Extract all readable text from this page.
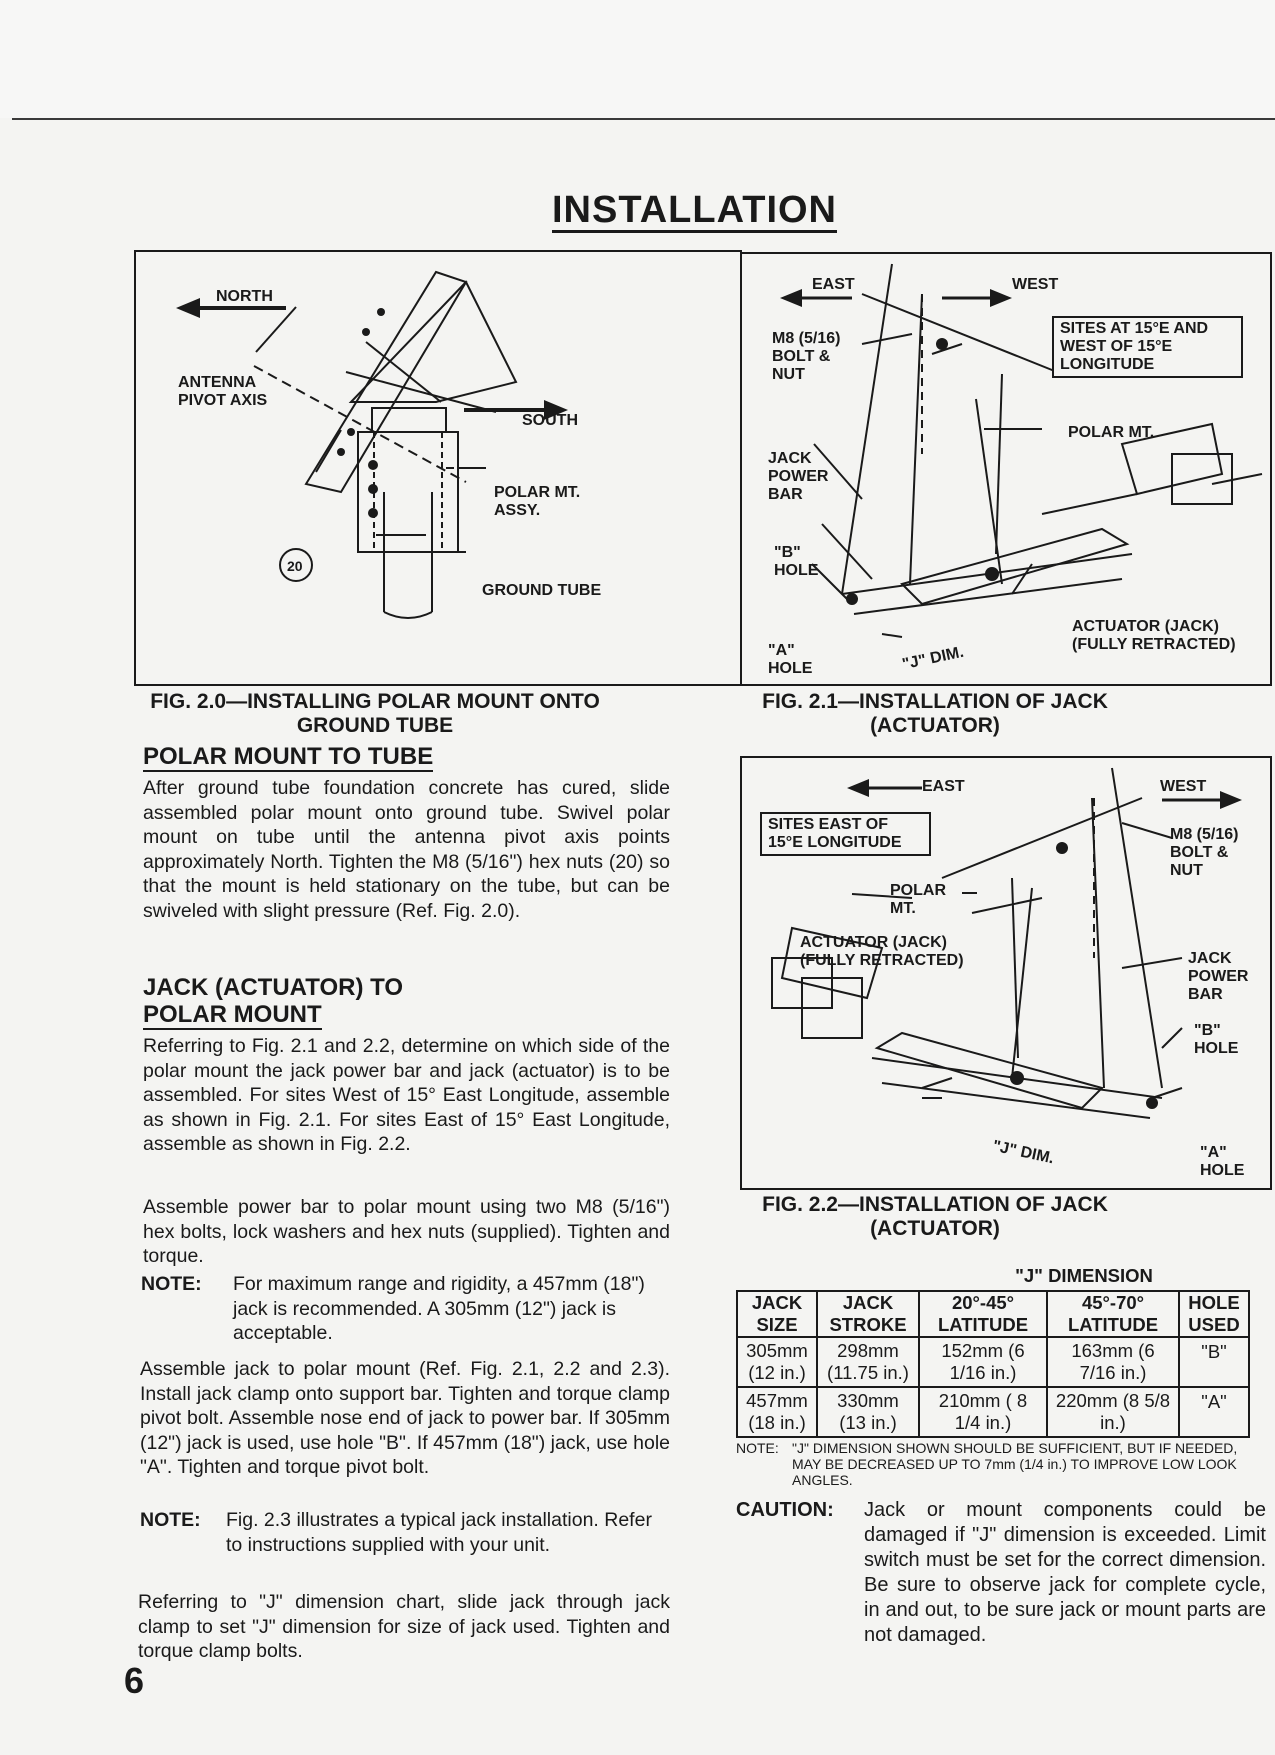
INSTALLATION
NORTH
ANTENNA PIVOT AXIS
SOUTH
POLAR MT. ASSY.
20
GROUND TUBE
FIG. 2.0—INSTALLING POLAR MOUNT ONTO GROUND TUBE
EAST	WEST
M8 (5/16) BOLT & NUT
SITES AT 15°E AND WEST OF 15°E LONGITUDE
POLAR MT.
JACK POWER BAR
"B" HOLE
ACTUATOR (JACK) (FULLY RETRACTED)
"A" HOLE	"J" DIM.
FIG. 2.1—INSTALLATION OF JACK (ACTUATOR)
EAST	WEST
SITES EAST OF 15°E LONGITUDE	M8 (5/16) BOLT & NUT
POLAR MT.
ACTUATOR (JACK) (FULLY RETRACTED)	JACK POWER BAR
"B" HOLE
"J" DIM.	"A" HOLE
FIG. 2.2—INSTALLATION OF JACK (ACTUATOR)
POLAR MOUNT TO TUBE
After ground tube foundation concrete has cured, slide assembled polar mount onto ground tube. Swivel polar mount on tube until the antenna pivot axis points approximately North. Tighten the M8 (5/16") hex nuts (20) so that the mount is held stationary on the tube, but can be swiveled with slight pressure (Ref. Fig. 2.0).
JACK (ACTUATOR) TO
POLAR MOUNT
Referring to Fig. 2.1 and 2.2, determine on which side of the polar mount the jack power bar and jack (actuator) is to be assembled. For sites West of 15° East Longitude, assemble as shown in Fig. 2.1. For sites East of 15° East Longitude, assemble as shown in Fig. 2.2.
Assemble power bar to polar mount using two M8 (5/16") hex bolts, lock washers and hex nuts (supplied). Tighten and torque.
NOTE: For maximum range and rigidity, a 457mm (18") jack is recommended. A 305mm (12") jack is acceptable.
Assemble jack to polar mount (Ref. Fig. 2.1, 2.2 and 2.3). Install jack clamp onto support bar. Tighten and torque clamp pivot bolt. Assemble nose end of jack to power bar. If 305mm (12") jack is used, use hole "B". If 457mm (18") jack, use hole "A". Tighten and torque pivot bolt.
NOTE: Fig. 2.3 illustrates a typical jack installation. Refer to instructions supplied with your unit.
Referring to "J" dimension chart, slide jack through jack clamp to set "J" dimension for size of jack used. Tighten and torque clamp bolts.
		"J" DIMENSION		
JACK SIZE	JACK STROKE	20°-45° LATITUDE	45°-70° LATITUDE	HOLE USED
305mm (12 in.)	298mm (11.75 in.)	152mm (6 1/16 in.)	163mm (6 7/16 in.)	"B"
457mm (18 in.)	330mm (13 in.)	210mm ( 8 1/4 in.)	220mm (8 5/8 in.)	"A"
NOTE: "J" DIMENSION SHOWN SHOULD BE SUFFICIENT, BUT IF NEEDED, MAY BE DECREASED UP TO 7mm (1/4 in.) TO IMPROVE LOW LOOK ANGLES.
CAUTION: Jack or mount components could be damaged if "J" dimension is exceeded. Limit switch must be set for the correct dimension. Be sure to observe jack for complete cycle, in and out, to be sure jack or mount parts are not damaged.
6
